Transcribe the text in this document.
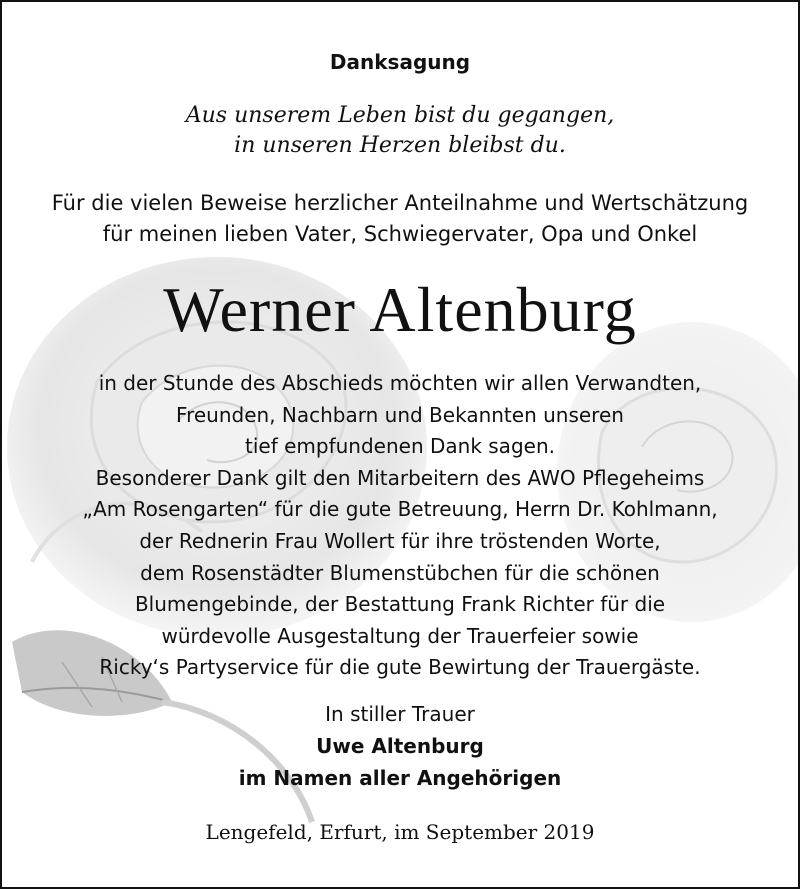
Danksagung
Aus unserem Leben bist du gegangen,
in unseren Herzen bleibst du.
Für die vielen Beweise herzlicher Anteilnahme und Wertschätzung
für meinen lieben Vater, Schwiegervater, Opa und Onkel
Werner Altenburg
in der Stunde des Abschieds möchten wir allen Verwandten,
Freunden, Nachbarn und Bekannten unseren
tief empfundenen Dank sagen.
Besonderer Dank gilt den Mitarbeitern des AWO Pflegeheims
„Am Rosengarten“ für die gute Betreuung, Herrn Dr. Kohlmann,
der Rednerin Frau Wollert für ihre tröstenden Worte,
dem Rosenstädter Blumenstübchen für die schönen
Blumengebinde, der Bestattung Frank Richter für die
würdevolle Ausgestaltung der Trauerfeier sowie
Ricky‘s Partyservice für die gute Bewirtung der Trauergäste.
In stiller Trauer
Uwe Altenburg
im Namen aller Angehörigen
Lengefeld, Erfurt, im September 2019
